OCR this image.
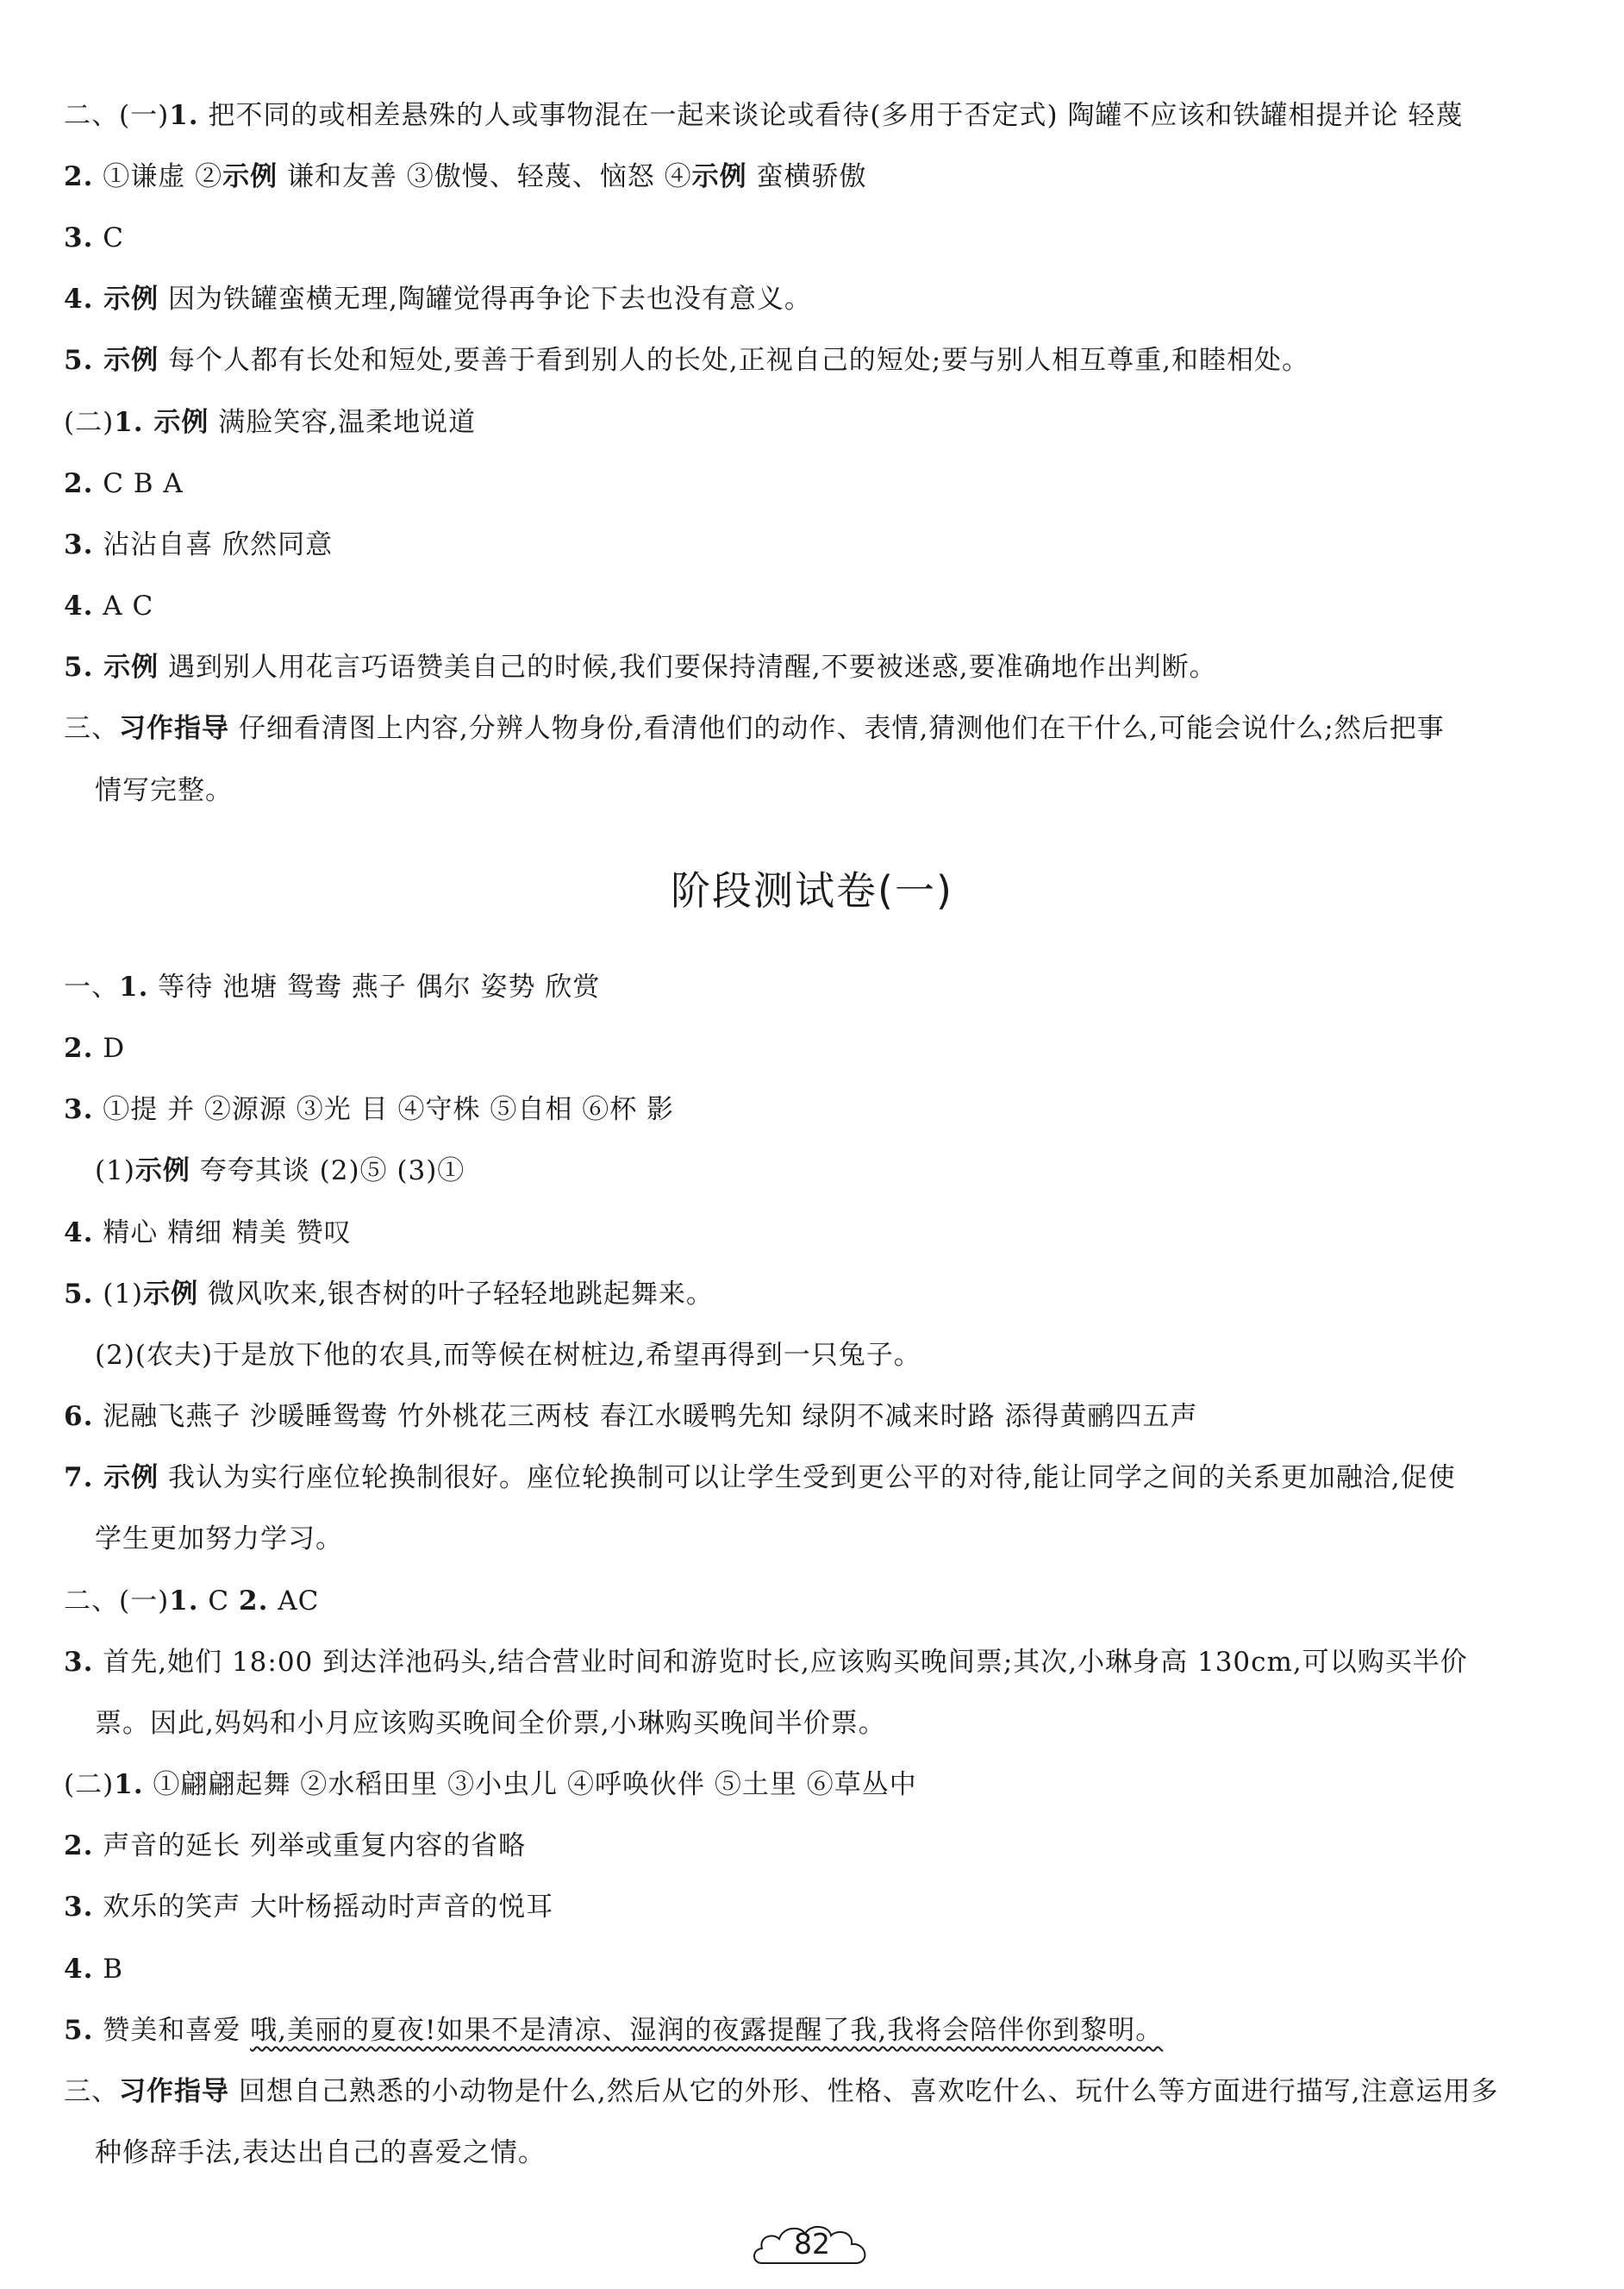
二、(一)1. 把不同的或相差悬殊的人或事物混在一起来谈论或看待(多用于否定式) 陶罐不应该和铁罐相提并论 轻蔑
2. ①谦虚 ②示例 谦和友善 ③傲慢、轻蔑、恼怒 ④示例 蛮横骄傲
3. C
4. 示例 因为铁罐蛮横无理,陶罐觉得再争论下去也没有意义。
5. 示例 每个人都有长处和短处,要善于看到别人的长处,正视自己的短处;要与别人相互尊重,和睦相处。
(二)1. 示例 满脸笑容,温柔地说道
2. C B A
3. 沾沾自喜 欣然同意
4. A C
5. 示例 遇到别人用花言巧语赞美自己的时候,我们要保持清醒,不要被迷惑,要准确地作出判断。
三、习作指导 仔细看清图上内容,分辨人物身份,看清他们的动作、表情,猜测他们在干什么,可能会说什么;然后把事
情写完整。
阶段测试卷(一)
一、1. 等待 池塘 鸳鸯 燕子 偶尔 姿势 欣赏
2. D
3. ①提 并 ②源源 ③光 目 ④守株 ⑤自相 ⑥杯 影
(1)示例 夸夸其谈 (2)⑤ (3)①
4. 精心 精细 精美 赞叹
5. (1)示例 微风吹来,银杏树的叶子轻轻地跳起舞来。
(2)(农夫)于是放下他的农具,而等候在树桩边,希望再得到一只兔子。
6. 泥融飞燕子 沙暖睡鸳鸯 竹外桃花三两枝 春江水暖鸭先知 绿阴不减来时路 添得黄鹂四五声
7. 示例 我认为实行座位轮换制很好。座位轮换制可以让学生受到更公平的对待,能让同学之间的关系更加融洽,促使
学生更加努力学习。
二、(一)1. C 2. AC
3. 首先,她们 18:00 到达洋池码头,结合营业时间和游览时长,应该购买晚间票;其次,小琳身高 130cm,可以购买半价
票。因此,妈妈和小月应该购买晚间全价票,小琳购买晚间半价票。
(二)1. ①翩翩起舞 ②水稻田里 ③小虫儿 ④呼唤伙伴 ⑤土里 ⑥草丛中
2. 声音的延长 列举或重复内容的省略
3. 欢乐的笑声 大叶杨摇动时声音的悦耳
4. B
5. 赞美和喜爱 哦,美丽的夏夜!如果不是清凉、湿润的夜露提醒了我,我将会陪伴你到黎明。
三、习作指导 回想自己熟悉的小动物是什么,然后从它的外形、性格、喜欢吃什么、玩什么等方面进行描写,注意运用多
种修辞手法,表达出自己的喜爱之情。
82
